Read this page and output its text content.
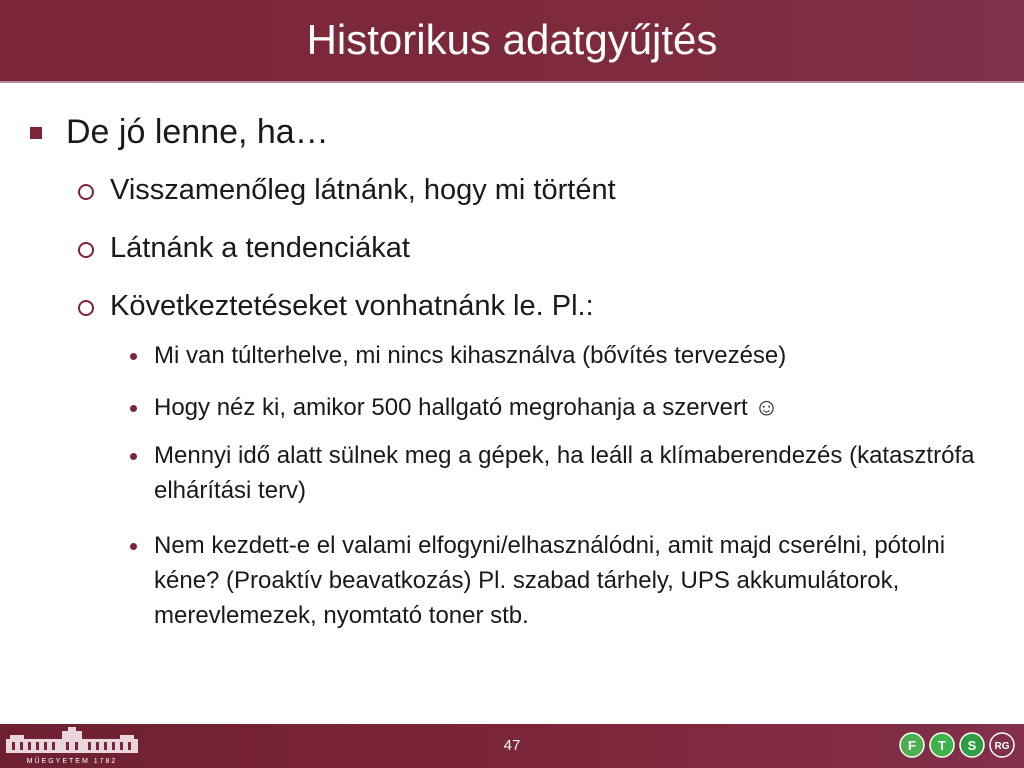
Historikus adatgyűjtés
De jó lenne, ha…
Visszamenőleg látnánk, hogy mi történt
Látnánk a tendenciákat
Következtetéseket vonhatnánk le. Pl.:
Mi van túlterhelve, mi nincs kihasználva (bővítés tervezése)
Hogy néz ki, amikor 500 hallgató megrohanja a szervert ☺
Mennyi idő alatt sülnek meg a gépek, ha leáll a klímaberendezés (katasztrófa elhárítási terv)
Nem kezdett-e el valami elfogyni/elhasználódni, amit majd cserélni, pótolni kéne? (Proaktív beavatkozás) Pl. szabad tárhely, UPS akkumulátorok, merevlemezek, nyomtató toner stb.
MŰEGYETEM 1782
47	F T S RG
